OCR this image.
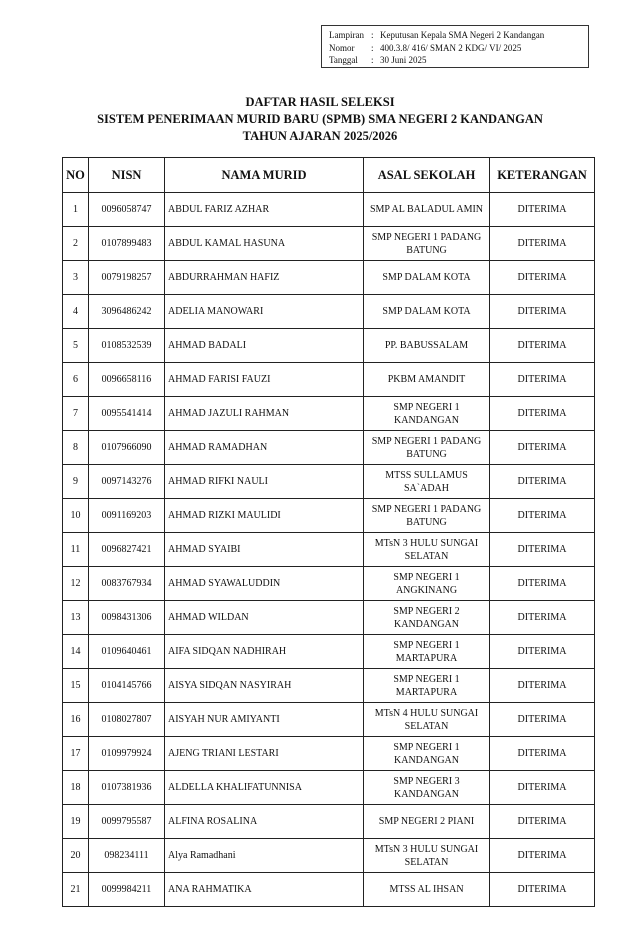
Lampiran : Keputusan Kepala SMA Negeri 2 Kandangan
Nomor	: 400.3.8/ 416/ SMAN 2 KDG/ VI/ 2025
Tanggal	: 30 Juni 2025
DAFTAR HASIL SELEKSI
SISTEM PENERIMAAN MURID BARU (SPMB) SMA NEGERI 2 KANDANGAN
TAHUN AJARAN 2025/2026
NO	NISN	NAMA MURID	ASAL SEKOLAH	KETERANGAN
1	0096058747	ABDUL FARIZ AZHAR	SMP AL BALADUL AMIN	DITERIMA
2	0107899483	ABDUL KAMAL HASUNA	SMP NEGERI 1 PADANG BATUNG	DITERIMA
3	0079198257	ABDURRAHMAN HAFIZ	SMP DALAM KOTA	DITERIMA
4	3096486242	ADELIA MANOWARI	SMP DALAM KOTA	DITERIMA
5	0108532539	AHMAD BADALI	PP. BABUSSALAM	DITERIMA
6	0096658116	AHMAD FARISI FAUZI	PKBM AMANDIT	DITERIMA
7	0095541414	AHMAD JAZULI RAHMAN	SMP NEGERI 1 KANDANGAN	DITERIMA
8	0107966090	AHMAD RAMADHAN	SMP NEGERI 1 PADANG BATUNG	DITERIMA
9	0097143276	AHMAD RIFKI NAULI	MTSS SULLAMUS SA`ADAH	DITERIMA
10	0091169203	AHMAD RIZKI MAULIDI	SMP NEGERI 1 PADANG BATUNG	DITERIMA
11	0096827421	AHMAD SYAIBI	MTsN 3 HULU SUNGAI SELATAN	DITERIMA
12	0083767934	AHMAD SYAWALUDDIN	SMP NEGERI 1 ANGKINANG	DITERIMA
13	0098431306	AHMAD WILDAN	SMP NEGERI 2 KANDANGAN	DITERIMA
14	0109640461	AIFA SIDQAN NADHIRAH	SMP NEGERI 1 MARTAPURA	DITERIMA
15	0104145766	AISYA SIDQAN NASYIRAH	SMP NEGERI 1 MARTAPURA	DITERIMA
16	0108027807	AISYAH NUR AMIYANTI	MTsN 4 HULU SUNGAI SELATAN	DITERIMA
17	0109979924	AJENG TRIANI LESTARI	SMP NEGERI 1 KANDANGAN	DITERIMA
18	0107381936	ALDELLA KHALIFATUNNISA	SMP NEGERI 3 KANDANGAN	DITERIMA
19	0099795587	ALFINA ROSALINA	SMP NEGERI 2 PIANI	DITERIMA
20	098234111	Alya Ramadhani	MTsN 3 HULU SUNGAI SELATAN	DITERIMA
21	0099984211	ANA RAHMATIKA	MTSS AL IHSAN	DITERIMA
